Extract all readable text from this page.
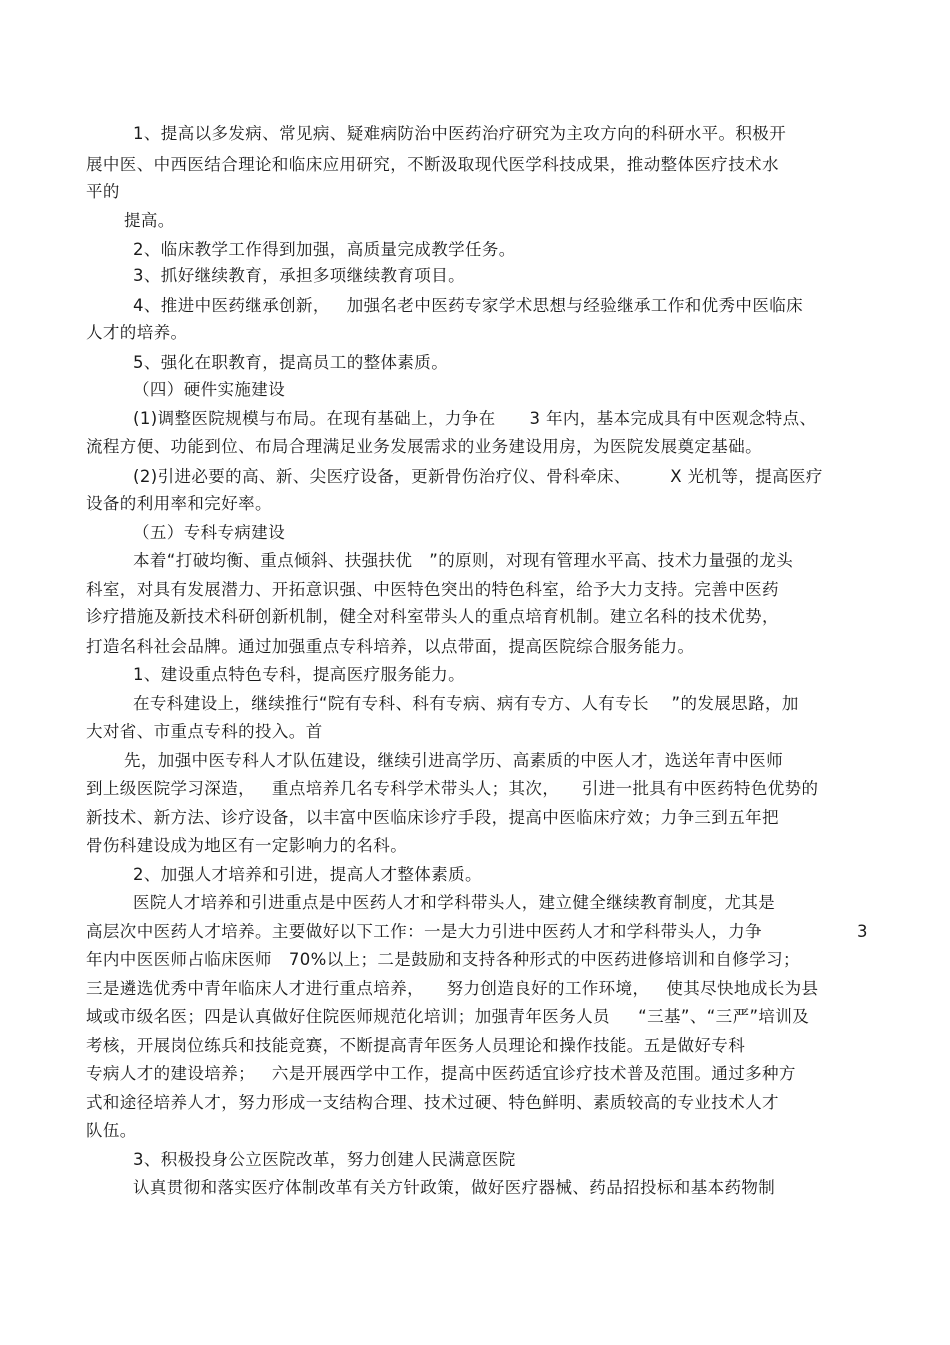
1、提高以多发病、常见病、疑难病防治中医药治疗研究为主攻方向的科研水平。积极开
展中医、中西医结合理论和临床应用研究，不断汲取现代医学科技成果，推动整体医疗技术水
平的
提高。
2、临床教学工作得到加强，高质量完成教学任务。
3、抓好继续教育，承担多项继续教育项目。
4、推进中医药继承创新，   加强名老中医药专家学术思想与经验继承工作和优秀中医临床
人才的培养。
5、强化在职教育，提高员工的整体素质。
（四）硬件实施建设
(1)调整医院规模与布局。在现有基础上，力争在      3 年内，基本完成具有中医观念特点、
流程方便、功能到位、布局合理满足业务发展需求的业务建设用房，为医院发展奠定基础。
(2)引进必要的高、新、尖医疗设备，更新骨伤治疗仪、骨科牵床、       X 光机等，提高医疗
设备的利用率和完好率。
（五）专科专病建设
本着“打破均衡、重点倾斜、扶强扶优   ”的原则，对现有管理水平高、技术力量强的龙头
科室，对具有发展潜力、开拓意识强、中医特色突出的特色科室，给予大力支持。完善中医药
诊疗措施及新技术科研创新机制，健全对科室带头人的重点培育机制。建立名科的技术优势，
打造名科社会品牌。通过加强重点专科培养，以点带面，提高医院综合服务能力。
1、建设重点特色专科，提高医疗服务能力。
在专科建设上，继续推行“院有专科、科有专病、病有专方、人有专长    ”的发展思路，加
大对省、市重点专科的投入。首
先，加强中医专科人才队伍建设，继续引进高学历、高素质的中医人才，选送年青中医师
到上级医院学习深造，   重点培养几名专科学术带头人；其次，    引进一批具有中医药特色优势的
新技术、新方法、诊疗设备，以丰富中医临床诊疗手段，提高中医临床疗效；力争三到五年把
骨伤科建设成为地区有一定影响力的名科。
2、加强人才培养和引进，提高人才整体素质。
医院人才培养和引进重点是中医药人才和学科带头人，建立健全继续教育制度，尤其是
高层次中医药人才培养。主要做好以下工作：一是大力引进中医药人才和学科带头人，力争	3
年内中医医师占临床医师   70%以上；二是鼓励和支持各种形式的中医药进修培训和自修学习；
三是遴选优秀中青年临床人才进行重点培养，    努力创造良好的工作环境，   使其尽快地成长为县
域或市级名医；四是认真做好住院医师规范化培训；加强青年医务人员     “三基”、“三严”培训及
考核，开展岗位练兵和技能竞赛，不断提高青年医务人员理论和操作技能。五是做好专科
专病人才的建设培养；   六是开展西学中工作，提高中医药适宜诊疗技术普及范围。通过多种方
式和途径培养人才，努力形成一支结构合理、技术过硬、特色鲜明、素质较高的专业技术人才
队伍。
3、积极投身公立医院改革，努力创建人民满意医院
认真贯彻和落实医疗体制改革有关方针政策，做好医疗器械、药品招投标和基本药物制
